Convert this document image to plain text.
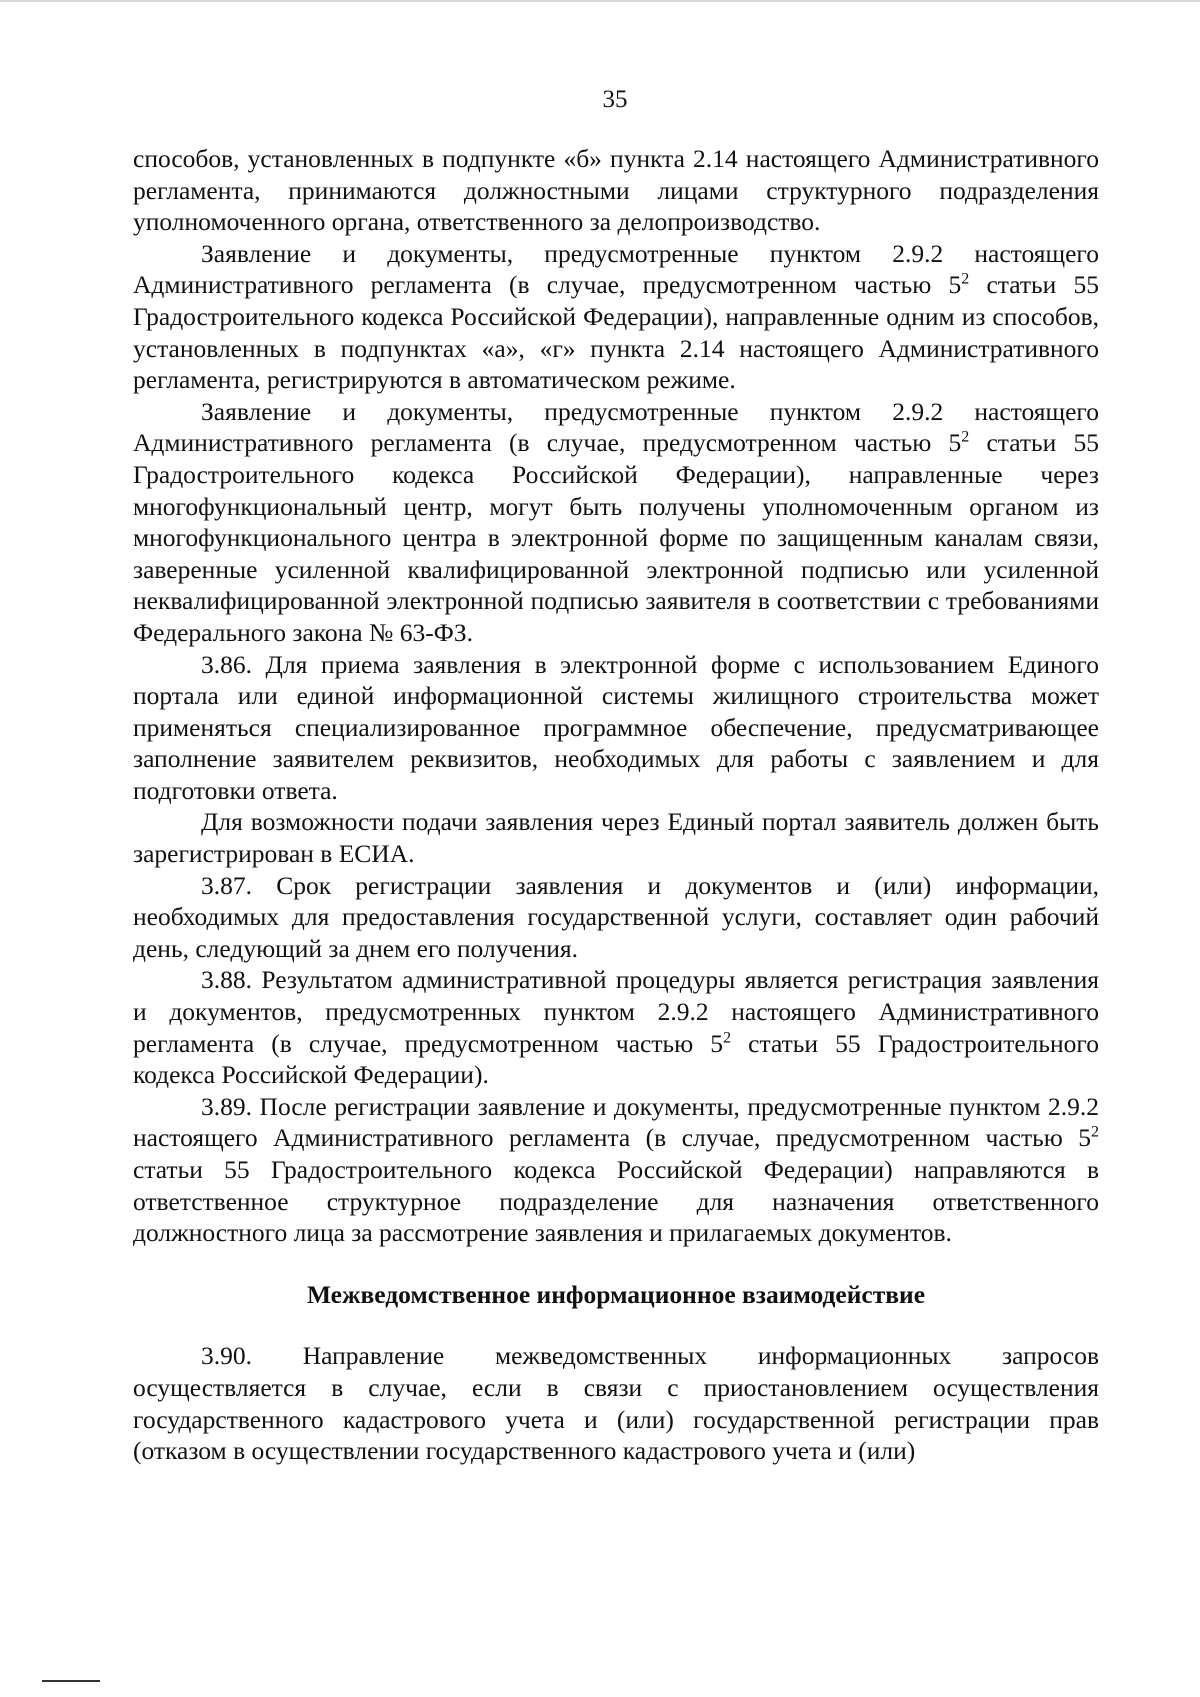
35

способов, установленных в подпункте «б» пункта 2.14 настоящего Административного регламента, принимаются должностными лицами структурного подразделения уполномоченного органа, ответственного за делопроизводство.

Заявление и документы, предусмотренные пунктом 2.9.2 настоящего Административного регламента (в случае, предусмотренном частью $5^2$ статьи 55 Градостроительного кодекса Российской Федерации), направленные одним из способов, установленных в подпунктах «а», «г» пункта 2.14 настоящего Административного регламента, регистрируются в автоматическом режиме.

Заявление и документы, предусмотренные пунктом 2.9.2 настоящего Административного регламента (в случае, предусмотренном частью $5^2$ статьи 55 Градостроительного кодекса Российской Федерации), направленные через многофункциональный центр, могут быть получены уполномоченным органом из многофункционального центра в электронной форме по защищенным каналам связи, заверенные усиленной квалифицированной электронной подписью или усиленной неквалифицированной электронной подписью заявителя в соответствии с требованиями Федерального закона № 63-ФЗ.

3.86. Для приема заявления в электронной форме с использованием Единого портала или единой информационной системы жилищного строительства может применяться специализированное программное обеспечение, предусматривающее заполнение заявителем реквизитов, необходимых для работы с заявлением и для подготовки ответа.

Для возможности подачи заявления через Единый портал заявитель должен быть зарегистрирован в ЕСИА.

3.87. Срок регистрации заявления и документов и (или) информации, необходимых для предоставления государственной услуги, составляет один рабочий день, следующий за днем его получения.

3.88. Результатом административной процедуры является регистрация заявления и документов, предусмотренных пунктом 2.9.2 настоящего Административного регламента (в случае, предусмотренном частью $5^2$ статьи 55 Градостроительного кодекса Российской Федерации).

3.89. После регистрации заявление и документы, предусмотренные пунктом 2.9.2 настоящего Административного регламента (в случае, предусмотренном частью $5^2$ статьи 55 Градостроительного кодекса Российской Федерации) направляются в ответственное структурное подразделение для назначения ответственного должностного лица за рассмотрение заявления и прилагаемых документов.

Межведомственное информационное взаимодействие

3.90. Направление межведомственных информационных запросов осуществляется в случае, если в связи с приостановлением осуществления государственного кадастрового учета и (или) государственной регистрации прав (отказом в осуществлении государственного кадастрового учета и (или)
